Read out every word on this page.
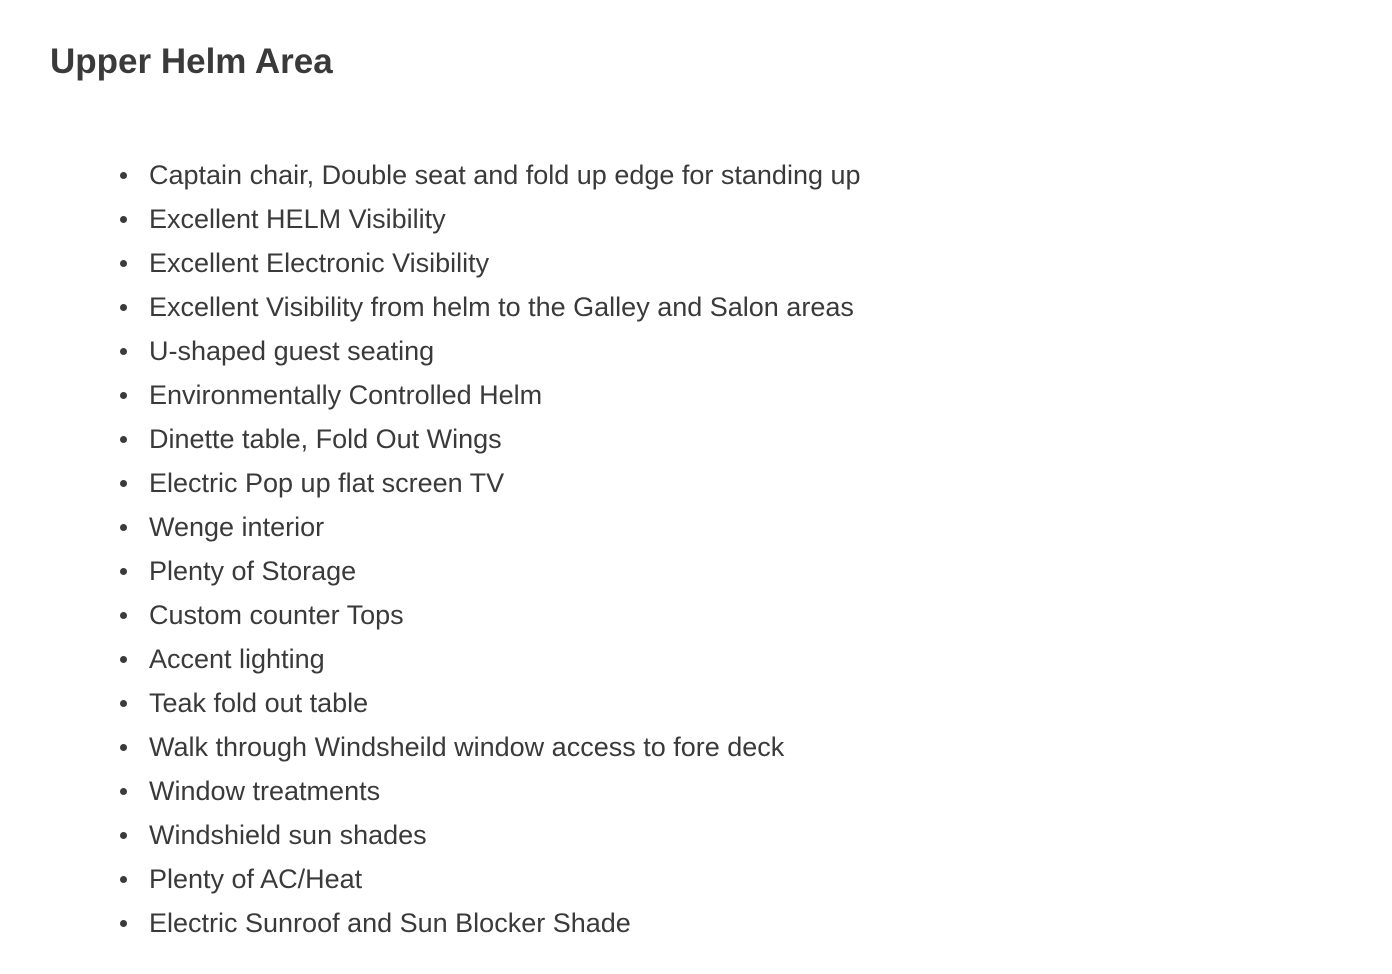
Upper Helm Area
Captain chair, Double seat and fold up edge for standing up
Excellent HELM Visibility
Excellent Electronic Visibility
Excellent Visibility from helm to the Galley and Salon areas
U-shaped guest seating
Environmentally Controlled Helm
Dinette table, Fold Out Wings
Electric Pop up flat screen TV
Wenge interior
Plenty of Storage
Custom counter Tops
Accent lighting
Teak fold out table
Walk through Windsheild window access to fore deck
Window treatments
Windshield sun shades
Plenty of AC/Heat
Electric Sunroof and Sun Blocker Shade
